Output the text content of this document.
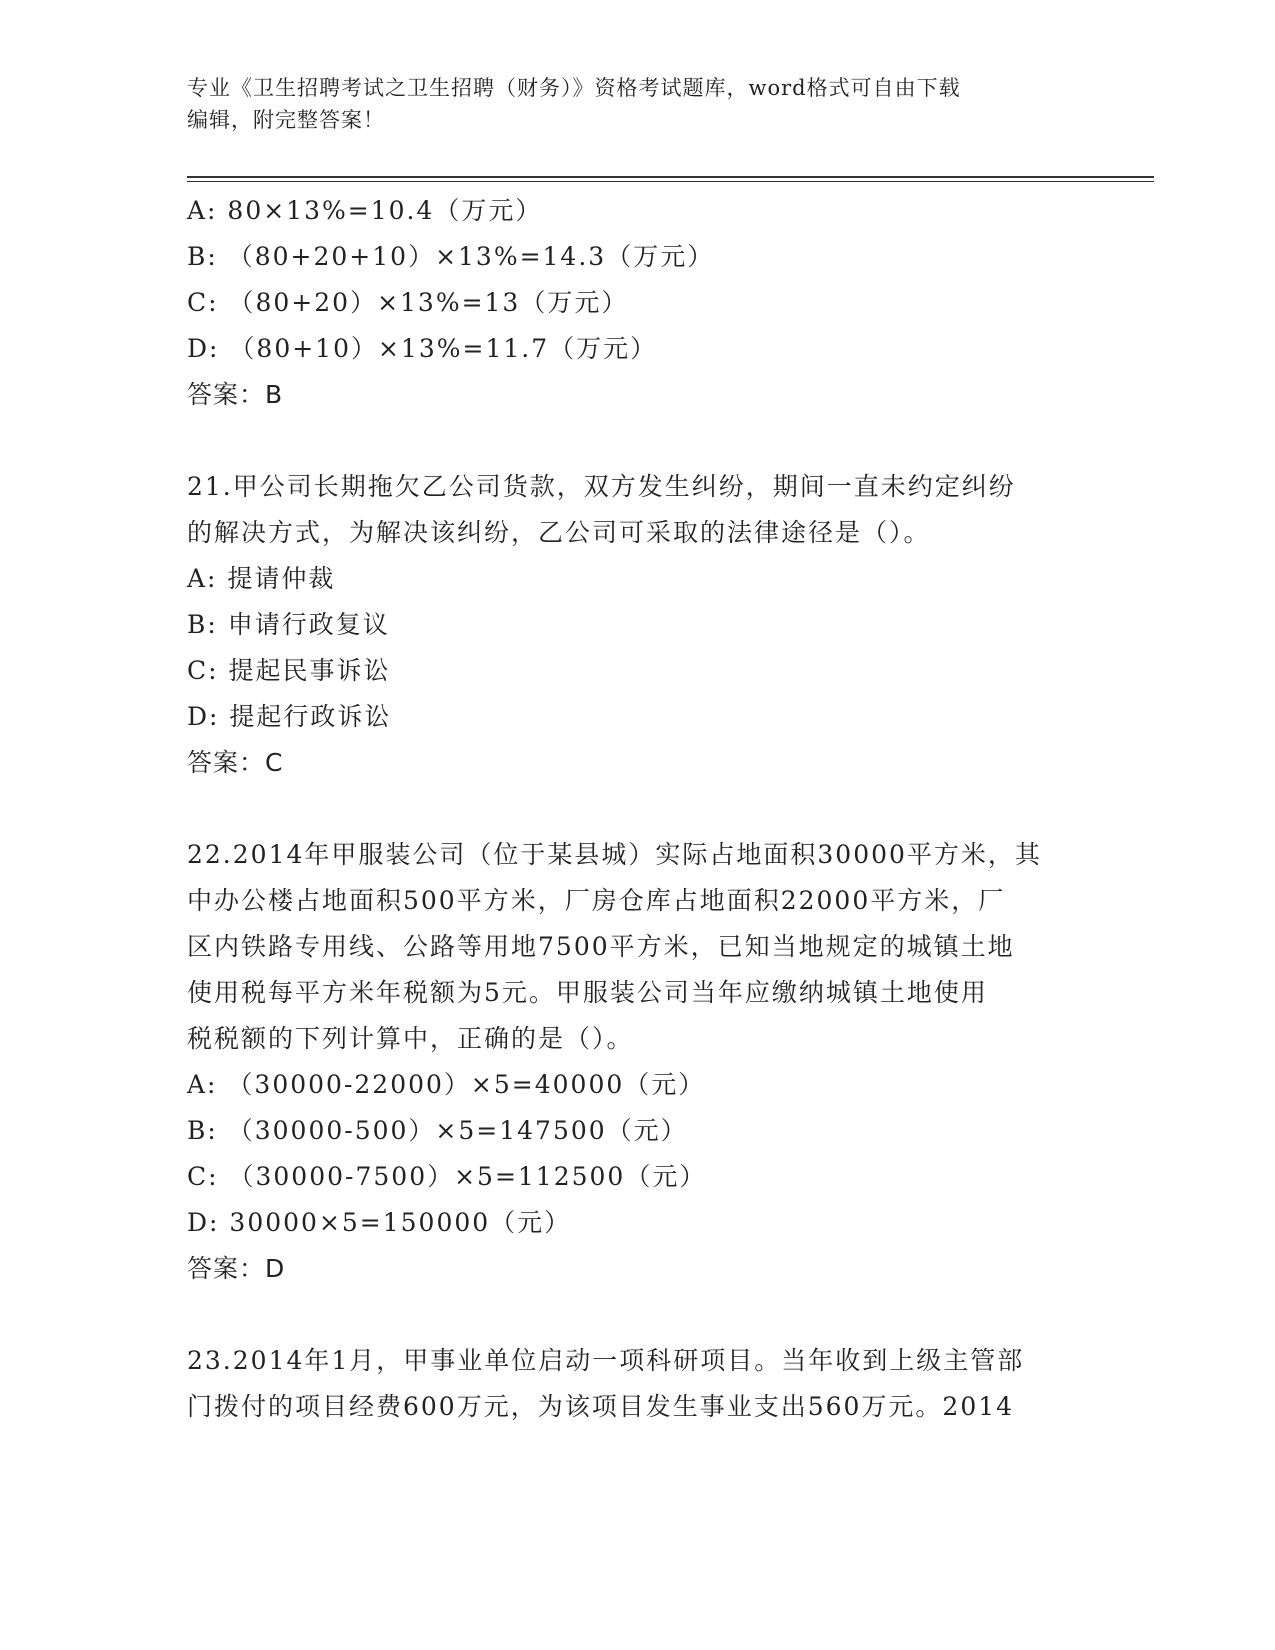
专业《卫生招聘考试之卫生招聘（财务）》资格考试题库，word格式可自由下载
编辑，附完整答案！
A: 80×13%=10.4（万元）
B: （80+20+10）×13%=14.3（万元）
C: （80+20）×13%=13（万元）
D: （80+10）×13%=11.7（万元）
答案：B
21.甲公司长期拖欠乙公司货款，双方发生纠纷，期间一直未约定纠纷
的解决方式，为解决该纠纷，乙公司可采取的法律途径是（）。
A: 提请仲裁
B: 申请行政复议
C: 提起民事诉讼
D: 提起行政诉讼
答案：C
22.2014年甲服装公司（位于某县城）实际占地面积30000平方米，其
中办公楼占地面积500平方米，厂房仓库占地面积22000平方米，厂
区内铁路专用线、公路等用地7500平方米，已知当地规定的城镇土地
使用税每平方米年税额为5元。甲服装公司当年应缴纳城镇土地使用
税税额的下列计算中，正确的是（）。
A: （30000-22000）×5=40000（元）
B: （30000-500）×5=147500（元）
C: （30000-7500）×5=112500（元）
D: 30000×5=150000（元）
答案：D
23.2014年1月，甲事业单位启动一项科研项目。当年收到上级主管部
门拨付的项目经费600万元，为该项目发生事业支出560万元。2014
